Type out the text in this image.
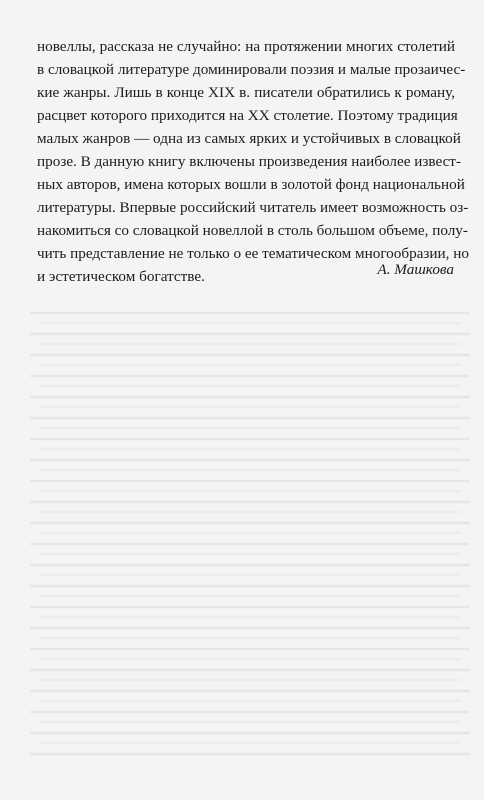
новеллы, рассказа не случайно: на протяжении многих столетий
в словацкой литературе доминировали поэзия и малые прозаичес-
кие жанры. Лишь в конце XIX в. писатели обратились к роману,
расцвет которого приходится на XX столетие. Поэтому традиция
малых жанров — одна из самых ярких и устойчивых в словацкой
прозе. В данную книгу включены произведения наиболее извест-
ных авторов, имена которых вошли в золотой фонд национальной
литературы. Впервые российский читатель имеет возможность оз-
накомиться со словацкой новеллой в столь большом объеме, полу-
чить представление не только о ее тематическом многообразии, но
и эстетическом богатстве.	А. Машкова
